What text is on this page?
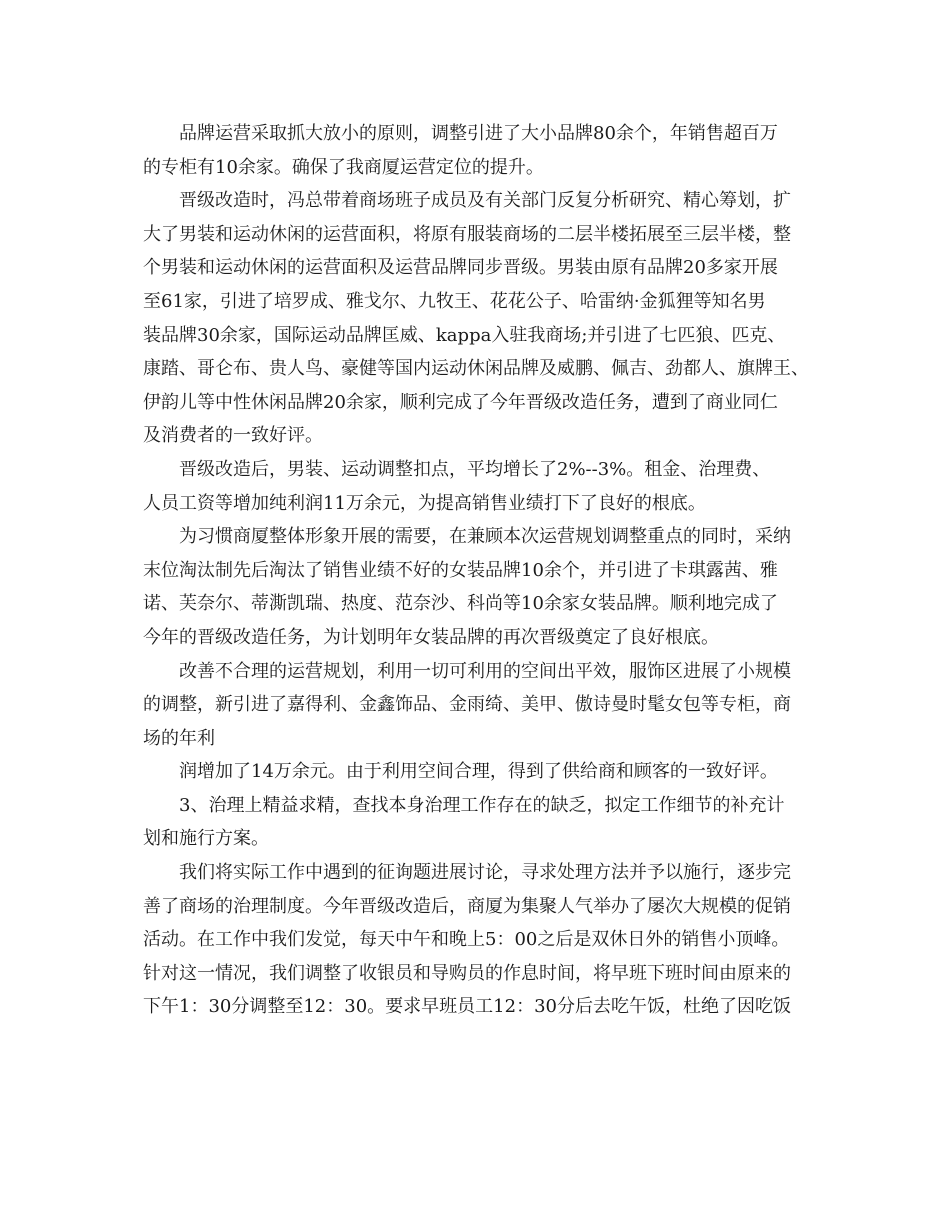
品牌运营采取抓大放小的原则，调整引进了大小品牌80余个，年销售超百万
的专柜有10余家。确保了我商厦运营定位的提升。
晋级改造时，冯总带着商场班子成员及有关部门反复分析研究、精心筹划，扩
大了男装和运动休闲的运营面积，将原有服装商场的二层半楼拓展至三层半楼，整
个男装和运动休闲的运营面积及运营品牌同步晋级。男装由原有品牌20多家开展
至61家，引进了培罗成、雅戈尔、九牧王、花花公子、哈雷纳·金狐狸等知名男
装品牌30余家，国际运动品牌匡威、kappa入驻我商场;并引进了七匹狼、匹克、
康踏、哥仑布、贵人鸟、豪健等国内运动休闲品牌及威鹏、佩吉、劲都人、旗牌王、
伊韵儿等中性休闲品牌20余家，顺利完成了今年晋级改造任务，遭到了商业同仁
及消费者的一致好评。
晋级改造后，男装、运动调整扣点，平均增长了2%--3%。租金、治理费、
人员工资等增加纯利润11万余元，为提高销售业绩打下了良好的根底。
为习惯商厦整体形象开展的需要，在兼顾本次运营规划调整重点的同时，采纳
末位淘汰制先后淘汰了销售业绩不好的女装品牌10余个，并引进了卡琪露茜、雅
诺、芙奈尔、蒂澌凯瑞、热度、范奈沙、科尚等10余家女装品牌。顺利地完成了
今年的晋级改造任务，为计划明年女装品牌的再次晋级奠定了良好根底。
改善不合理的运营规划，利用一切可利用的空间出平效，服饰区进展了小规模
的调整，新引进了嘉得利、金鑫饰品、金雨绮、美甲、傲诗曼时髦女包等专柜，商
场的年利
润增加了14万余元。由于利用空间合理，得到了供给商和顾客的一致好评。
3、治理上精益求精，查找本身治理工作存在的缺乏，拟定工作细节的补充计
划和施行方案。
我们将实际工作中遇到的征询题进展讨论，寻求处理方法并予以施行，逐步完
善了商场的治理制度。今年晋级改造后，商厦为集聚人气举办了屡次大规模的促销
活动。在工作中我们发觉，每天中午和晚上5：00之后是双休日外的销售小顶峰。
针对这一情况，我们调整了收银员和导购员的作息时间，将早班下班时间由原来的
下午1：30分调整至12：30。要求早班员工12：30分后去吃午饭，杜绝了因吃饭
